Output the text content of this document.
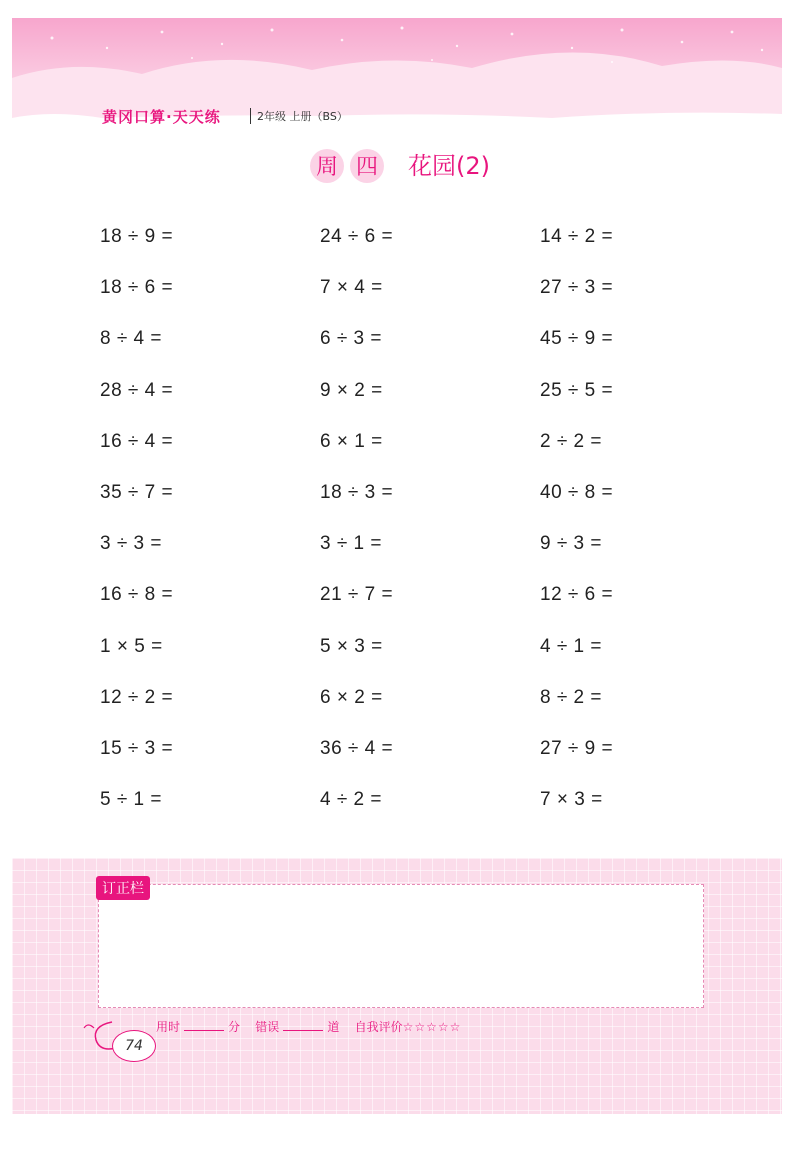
黄冈口算·天天练	2年级 上册（BS）
周 四 花园(2)
18 ÷ 9 =	24 ÷ 6 =	14 ÷ 2 =
18 ÷ 6 =	7 × 4 =	27 ÷ 3 =
8 ÷ 4 =	6 ÷ 3 =	45 ÷ 9 =
28 ÷ 4 =	9 × 2 =	25 ÷ 5 =
16 ÷ 4 =	6 × 1 =	2 ÷ 2 =
35 ÷ 7 =	18 ÷ 3 =	40 ÷ 8 =
3 ÷ 3 =	3 ÷ 1 =	9 ÷ 3 =
16 ÷ 8 =	21 ÷ 7 =	12 ÷ 6 =
1 × 5 =	5 × 3 =	4 ÷ 1 =
12 ÷ 2 =	6 × 2 =	8 ÷ 2 =
15 ÷ 3 =	36 ÷ 4 =	27 ÷ 9 =
5 ÷ 1 =	4 ÷ 2 =	7 × 3 =
订正栏
74
用时	分 错误	道 自我评价☆☆☆☆☆
